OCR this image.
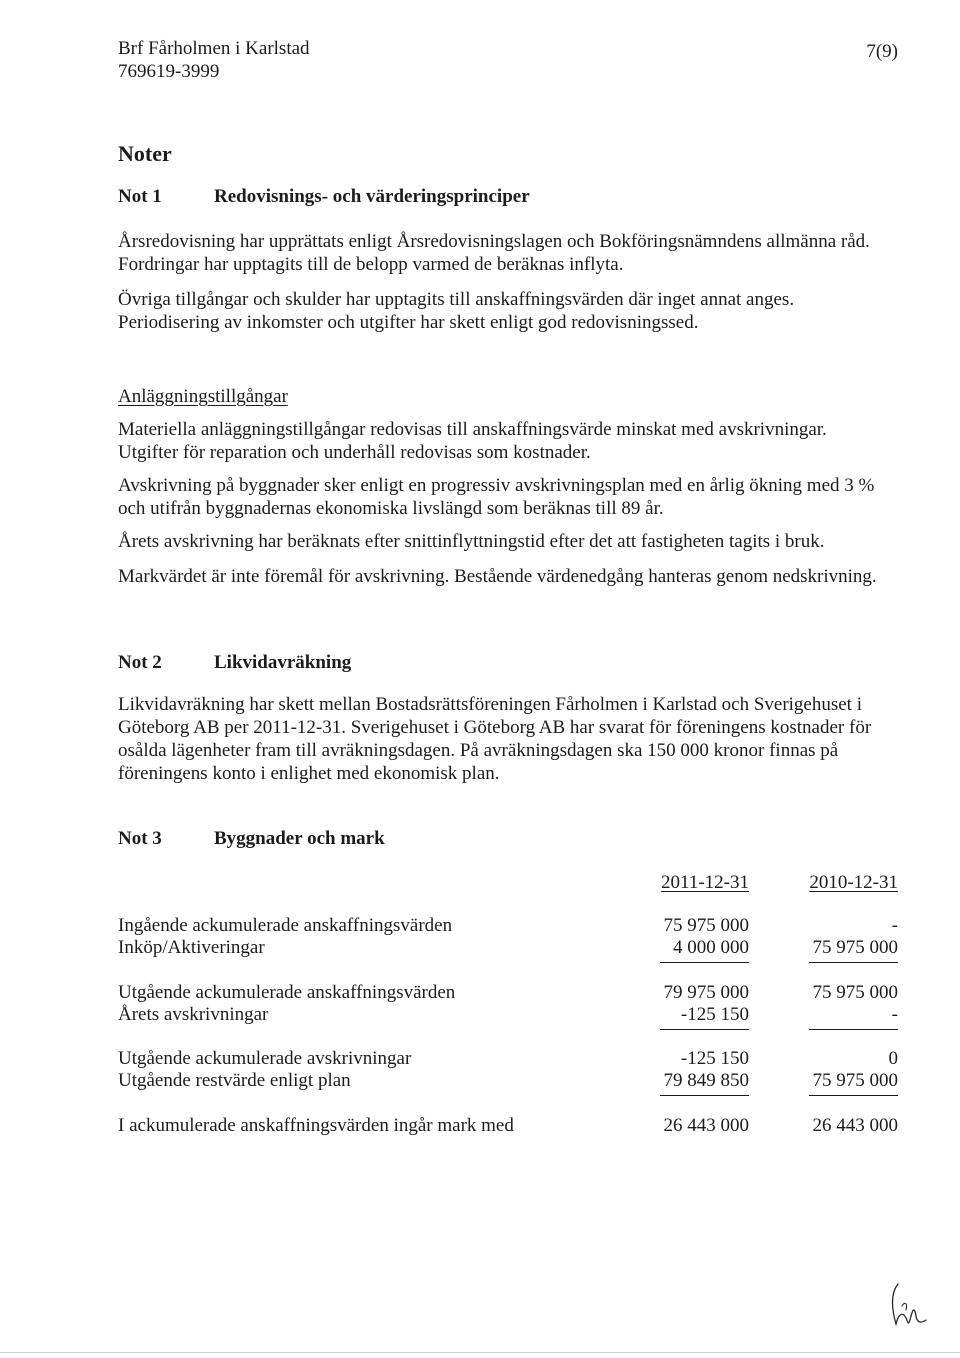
Brf Fårholmen i Karlstad
769619-3999
7(9)
Noter
Not 1	Redovisnings- och värderingsprinciper
Årsredovisning har upprättats enligt Årsredovisningslagen och Bokföringsnämndens allmänna råd.
Fordringar har upptagits till de belopp varmed de beräknas inflyta.
Övriga tillgångar och skulder har upptagits till anskaffningsvärden där inget annat anges.
Periodisering av inkomster och utgifter har skett enligt god redovisningssed.
Anläggningstillgångar
Materiella anläggningstillgångar redovisas till anskaffningsvärde minskat med avskrivningar.
Utgifter för reparation och underhåll redovisas som kostnader.
Avskrivning på byggnader sker enligt en progressiv avskrivningsplan med en årlig ökning med 3 %
och utifrån byggnadernas ekonomiska livslängd som beräknas till 89 år.
Årets avskrivning har beräknats efter snittinflyttningstid efter det att fastigheten tagits i bruk.
Markvärdet är inte föremål för avskrivning. Bestående värdenedgång hanteras genom nedskrivning.
Not 2	Likvidavräkning
Likvidavräkning har skett mellan Bostadsrättsföreningen Fårholmen i Karlstad och Sverigehuset i
Göteborg AB per 2011-12-31. Sverigehuset i Göteborg AB har svarat för föreningens kostnader för
osålda lägenheter fram till avräkningsdagen. På avräkningsdagen ska 150 000 kronor finnas på
föreningens konto i enlighet med ekonomisk plan.
Not 3	Byggnader och mark
2011-12-31	2010-12-31
Ingående ackumulerade anskaffningsvärden	75 975 000	-
Inköp/Aktiveringar	4 000 000	75 975 000
Utgående ackumulerade anskaffningsvärden	79 975 000	75 975 000
Årets avskrivningar	-125 150	-
Utgående ackumulerade avskrivningar	-125 150	0
Utgående restvärde enligt plan	79 849 850	75 975 000
I ackumulerade anskaffningsvärden ingår mark med	26 443 000	26 443 000
